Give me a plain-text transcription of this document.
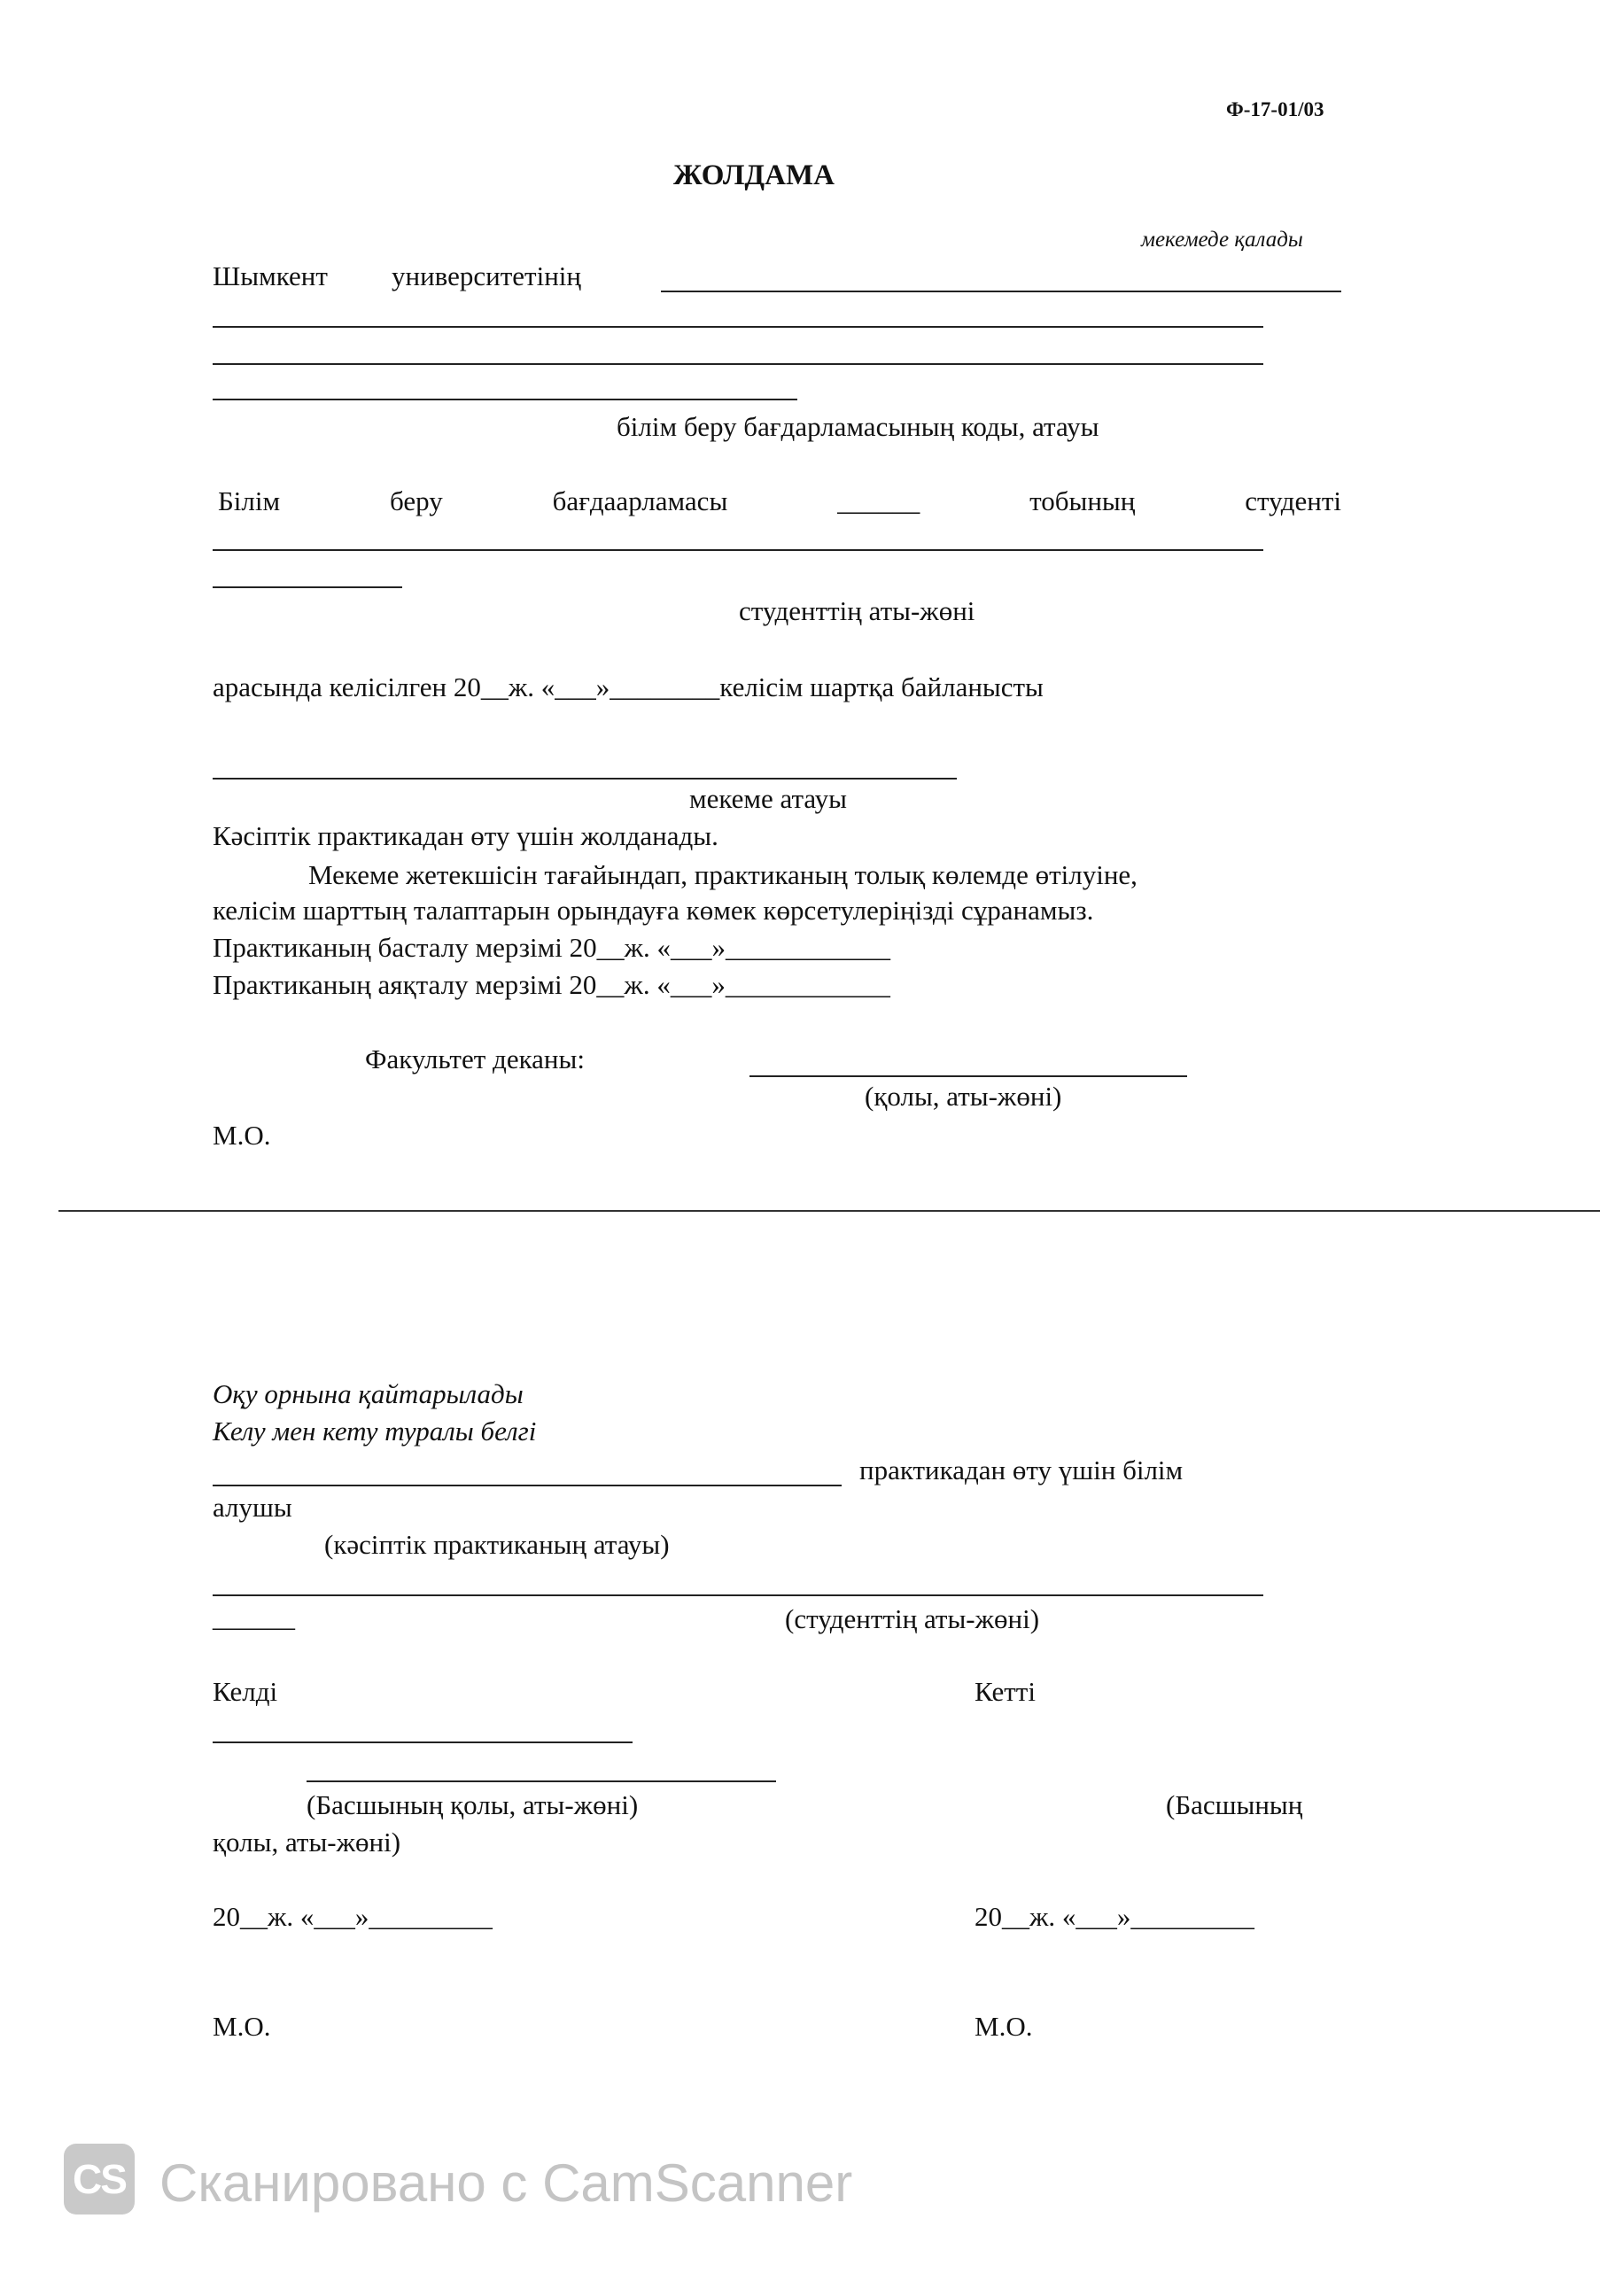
Ф-17-01/03
ЖОЛДАМА
мекемеде қалады
Шымкент университетінің
білім беру бағдарламасының коды, атауы
Білім	беру	бағдаарламасы	______	тобының	студенті
студенттің аты-жөні
арасында келісілген 20__ж. «___»________келісім шартқа байланысты
мекеме атауы
Кәсіптік практикадан өту үшін жолданады.
Мекеме жетекшісін тағайындап, практиканың толық көлемде өтілуіне,
келісім шарттың талаптарын орындауға көмек көрсетулеріңізді сұранамыз.
Практиканың басталу мерзімі 20__ж. «___»____________
Практиканың аяқталу мерзімі 20__ж. «___»____________
Факультет деканы:
(қолы, аты-жөні)
М.О.
Оқу орнына қайтарылады
Келу мен кету туралы белгі
практикадан өту үшін білім
алушы
(кәсіптік практиканың атауы)
______	(студенттің аты-жөні)
Келді	Кетті
(Басшының қолы, аты-жөні)	(Басшының
қолы, аты-жөні)
20__ж. «___»_________	20__ж. «___»_________
М.О.	М.О.
CS Сканировано с CamScanner
